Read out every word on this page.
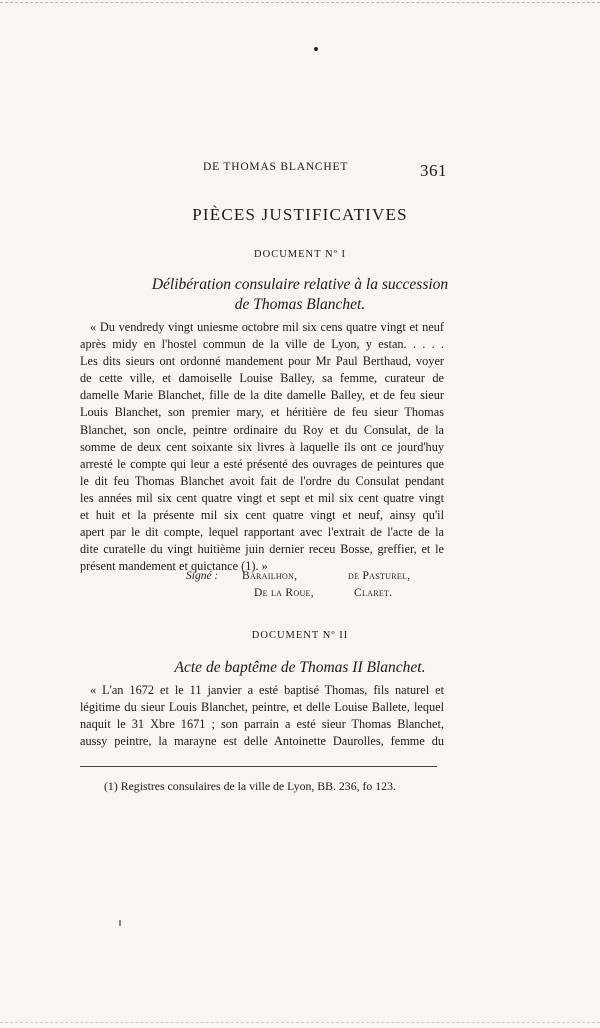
DE THOMAS BLANCHET	361
PIÈCES JUSTIFICATIVES
DOCUMENT Nº I
Délibération consulaire relative à la succession
de Thomas Blanchet.
« Du vendredy vingt uniesme octobre mil six cens quatre vingt et neuf
après midy en l'hostel commun de la ville de Lyon, y estan. . . . .
Les dits sieurs ont ordonné mandement pour Mr Paul Berthaud, voyer
de cette ville, et damoiselle Louise Balley, sa femme, curateur de
damelle Marie Blanchet, fille de la dite damelle Balley, et de feu sieur
Louis Blanchet, son premier mary, et héritière de feu sieur Thomas
Blanchet, son oncle, peintre ordinaire du Roy et du Consulat, de la
somme de deux cent soixante six livres à laquelle ils ont ce jourd'huy
arresté le compte qui leur a esté présenté des ouvrages de peintures que
le dit feu Thomas Blanchet avoit fait de l'ordre du Consulat pendant
les années mil six cent quatre vingt et sept et mil six cent quatre vingt
et huit et la présente mil six cent quatre vingt et neuf, ainsy qu'il
apert par le dit compte, lequel rapportant avec l'extrait de l'acte de la
dite curatelle du vingt huitième juin dernier receu Bosse, greffier, et le
présent mandement et quictance (1). »
Signé : Barailhon,	de Pasturel,
De la Roue,	Claret.
DOCUMENT Nº II
Acte de baptême de Thomas II Blanchet.
« L'an 1672 et le 11 janvier a esté baptisé Thomas, fils naturel et
légitime du sieur Louis Blanchet, peintre, et delle Louise Ballete, lequel
naquit le 31 Xbre 1671 ; son parrain a esté sieur Thomas Blanchet,
aussy peintre, la marayne est delle Antoinette Daurolles, femme du
(1) Registres consulaires de la ville de Lyon, BB. 236, fo 123.
